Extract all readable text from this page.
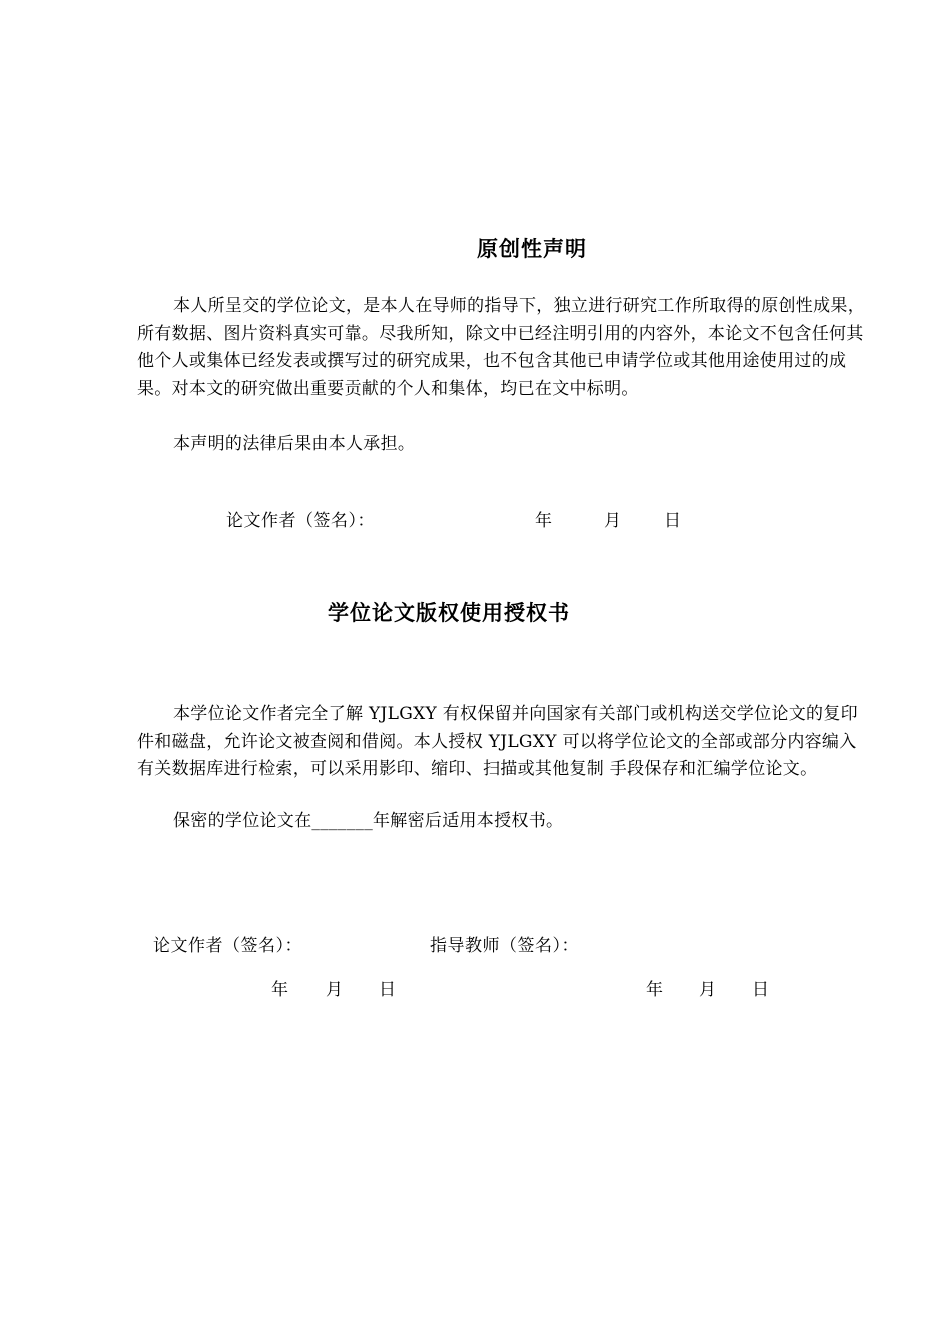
原创性声明

本人所呈交的学位论文，是本人在导师的指导下，独立进行研究工作所取得的原创性成果，所有数据、图片资料真实可靠。尽我所知，除文中已经注明引用的内容外，本论文不包含任何其他个人或集体已经发表或撰写过的研究成果，也不包含其他已申请学位或其他用途使用过的成果。对本文的研究做出重要贡献的个人和集体，均已在文中标明。

本声明的法律后果由本人承担。

论文作者（签名）：	年	月	日
学位论文版权使用授权书

本学位论文作者完全了解 YJLGXY 有权保留并向国家有关部门或机构送交学位论文的复印件和磁盘，允许论文被查阅和借阅。本人授权 YJLGXY 可以将学位论文的全部或部分内容编入有关数据库进行检索，可以采用影印、缩印、扫描或其他复制 手段保存和汇编学位论文。

保密的学位论文在_______年解密后适用本授权书。

论文作者（签名）：	指导教师（签名）：
年 月 日	年 月 日
